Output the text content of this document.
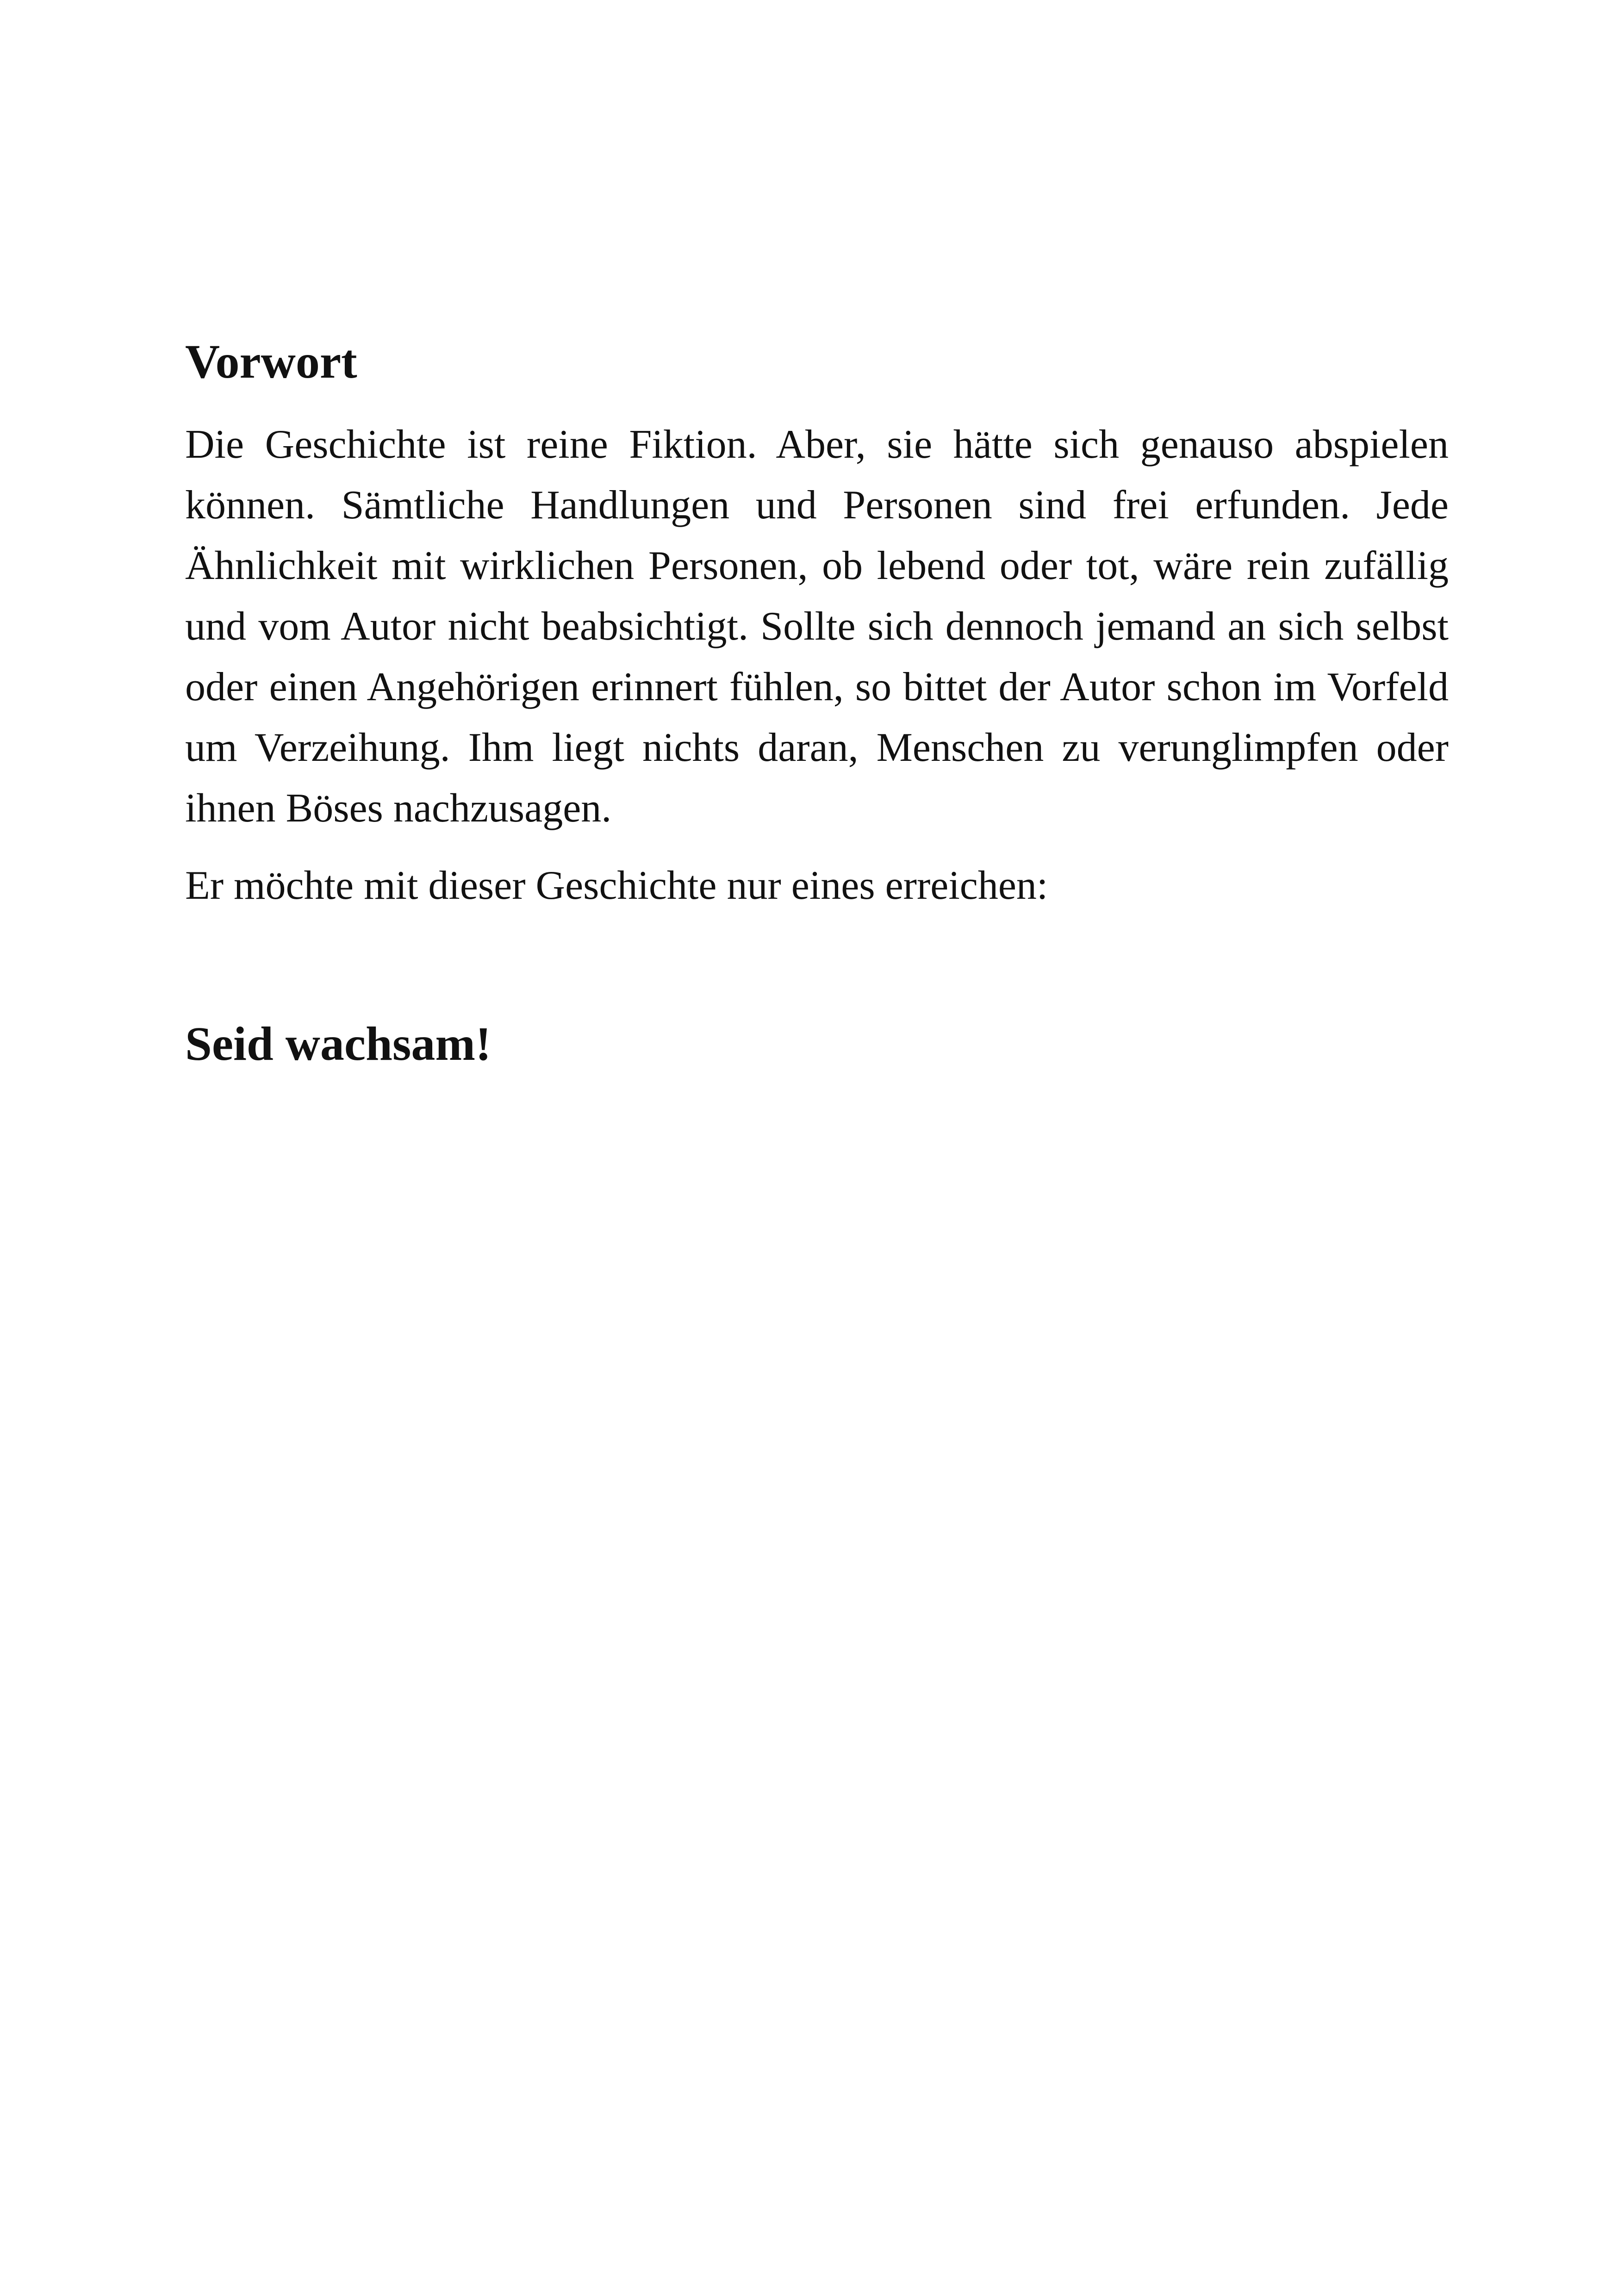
Vorwort

Die Geschichte ist reine Fiktion. Aber, sie hätte sich genauso abspielen können. Sämtliche Handlungen und Personen sind frei erfunden. Jede Ähnlichkeit mit wirklichen Personen, ob lebend oder tot, wäre rein zufällig und vom Autor nicht beabsichtigt. Sollte sich dennoch jemand an sich selbst oder einen Angehörigen erinnert fühlen, so bittet der Autor schon im Vorfeld um Verzeihung. Ihm liegt nichts daran, Menschen zu verunglimpfen oder ihnen Böses nachzusagen.

Er möchte mit dieser Geschichte nur eines erreichen:

Seid wachsam!
